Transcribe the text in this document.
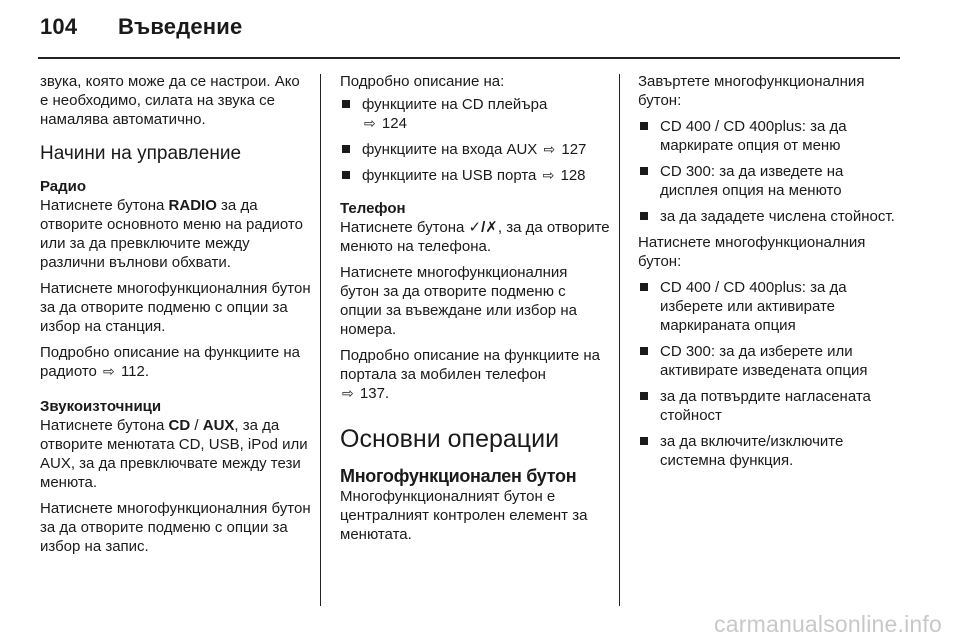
104 Въведение

звука, която може да се настрои. Ако е необходимо, силата на звука се намалява автоматично.

Начини на управление
Радио

Натиснете бутона RADIO за да отворите основното меню на радиото или за да превключите между различни вълнови обхвати.

Натиснете многофункционалния бутон за да отворите подменю с опции за избор на станция.

Подробно описание на функциите на радиото ⇨ 112.

Звукоизточници

Натиснете бутона CD / AUX, за да отворите менютата CD, USB, iPod или AUX, за да превключвате между тези менюта.

Натиснете многофункционалния бутон за да отворите подменю с опции за избор на запис.

Подробно описание на:

функциите на CD плейъра
⇨ 124
функциите на входа AUX ⇨ 127
функциите на USB порта ⇨ 128
Телефон

Натиснете бутона ✓/✗, за да отворите менюто на телефона.

Натиснете многофункционалния бутон за да отворите подменю с опции за въвеждане или избор на номера.

Подробно описание на функциите на портала за мобилен телефон
⇨ 137.

Основни операции
Многофункционален бутон

Многофункционалният бутон е централният контролен елемент за менютата.

Завъртете многофункционалния бутон:

CD 400 / CD 400plus: за да маркирате опция от меню
CD 300: за да изведете на дисплея опция на менюто
за да зададете числена стойност.

Натиснете многофункционалния бутон:

CD 400 / CD 400plus: за да изберете или активирате маркираната опция
CD 300: за да изберете или активирате изведената опция
за да потвърдите нагласената стойност
за да включите/изключите системна функция.
carmanualsonline.info
